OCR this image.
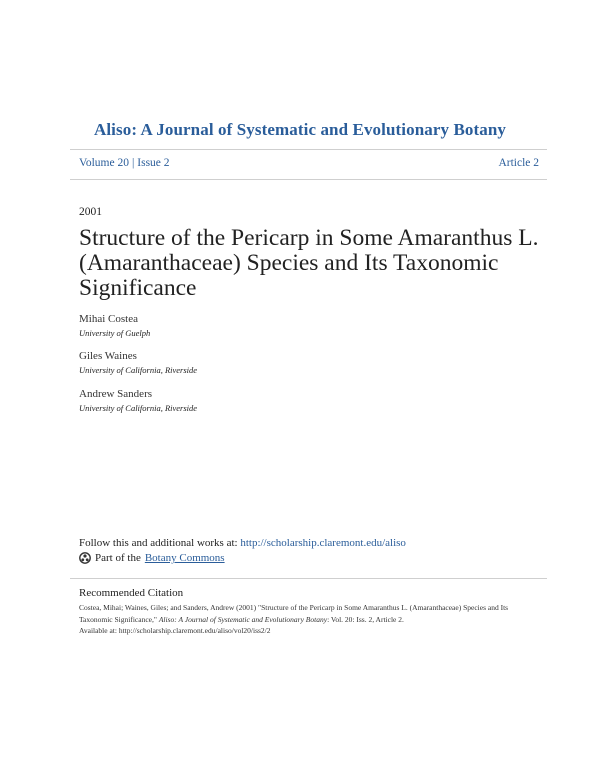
Aliso: A Journal of Systematic and Evolutionary Botany
Volume 20 | Issue 2	Article 2
2001
Structure of the Pericarp in Some Amaranthus L. (Amaranthaceae) Species and Its Taxonomic Significance
Mihai Costea
University of Guelph
Giles Waines
University of California, Riverside
Andrew Sanders
University of California, Riverside
Follow this and additional works at: http://scholarship.claremont.edu/aliso
Part of the Botany Commons
Recommended Citation
Costea, Mihai; Waines, Giles; and Sanders, Andrew (2001) "Structure of the Pericarp in Some Amaranthus L. (Amaranthaceae) Species and Its Taxonomic Significance," Aliso: A Journal of Systematic and Evolutionary Botany: Vol. 20: Iss. 2, Article 2.
Available at: http://scholarship.claremont.edu/aliso/vol20/iss2/2
